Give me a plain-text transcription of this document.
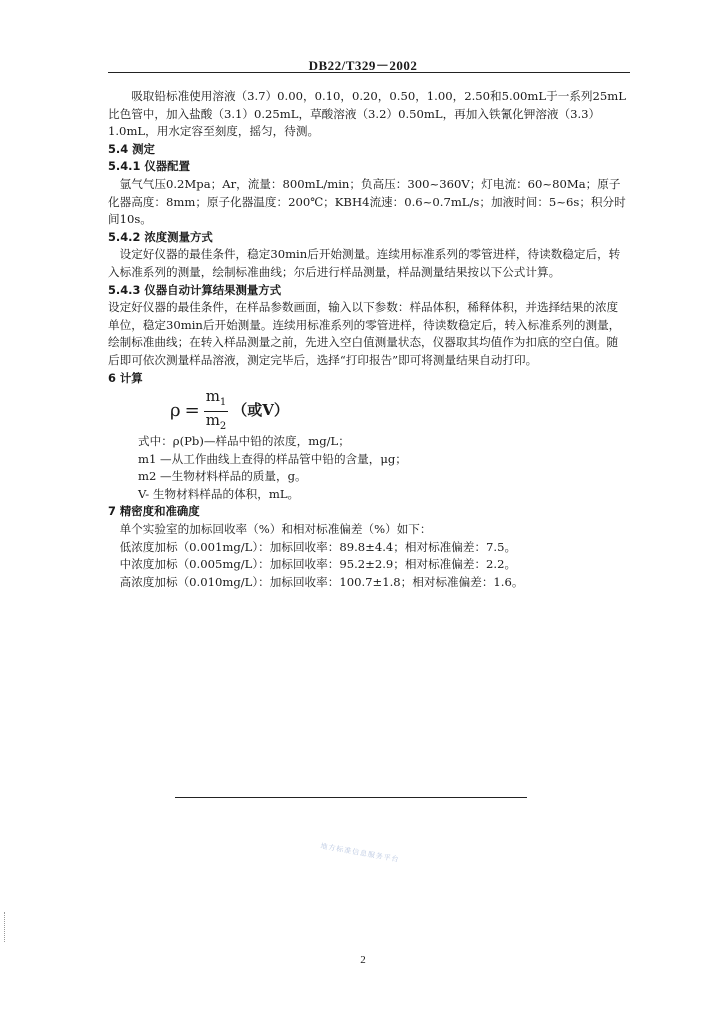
DB22/T329－2002

吸取铅标准使用溶液（3.7）0.00，0.10，0.20，0.50，1.00，2.50和5.00mL于一系列25mL比色管中，加入盐酸（3.1）0.25mL，草酸溶液（3.2）0.50mL，再加入铁氰化钾溶液（3.3）1.0mL，用水定容至刻度，摇匀，待测。

5.4 测定

5.4.1 仪器配置

氩气气压0.2Mpa；Ar，流量：800mL/min；负高压：300~360V；灯电流：60~80Ma；原子化器高度：8mm；原子化器温度：200℃；KBH4流速：0.6~0.7mL/s；加液时间：5~6s；积分时间10s。

5.4.2 浓度测量方式

设定好仪器的最佳条件，稳定30min后开始测量。连续用标准系列的零管进样，待读数稳定后，转入标准系列的测量，绘制标准曲线；尔后进行样品测量，样品测量结果按以下公式计算。

5.4.3 仪器自动计算结果测量方式

设定好仪器的最佳条件，在样品参数画面，输入以下参数：样品体积，稀释体积，并选择结果的浓度单位，稳定30min后开始测量。连续用标准系列的零管进样，待读数稳定后，转入标准系列的测量，绘制标准曲线；在转入样品测量之前，先进入空白值测量状态，仪器取其均值作为扣底的空白值。随后即可依次测量样品溶液，测定完毕后，选择“打印报告”即可将测量结果自动打印。

6 计算

$\rho = \frac{m_1}{m_2}$ （或V）

式中：ρ(Pb)—样品中铅的浓度，mg/L；

m1 —从工作曲线上查得的样品管中铅的含量，μg；

m2 —生物材料样品的质量，g。

V- 生物材料样品的体积，mL。

7 精密度和准确度

单个实验室的加标回收率（%）和相对标准偏差（%）如下：

低浓度加标（0.001mg/L）：加标回收率：89.8±4.4；相对标准偏差：7.5。

中浓度加标（0.005mg/L）：加标回收率：95.2±2.9；相对标准偏差：2.2。

高浓度加标（0.010mg/L）：加标回收率：100.7±1.8；相对标准偏差：1.6。

地方标准信息服务平台
2
